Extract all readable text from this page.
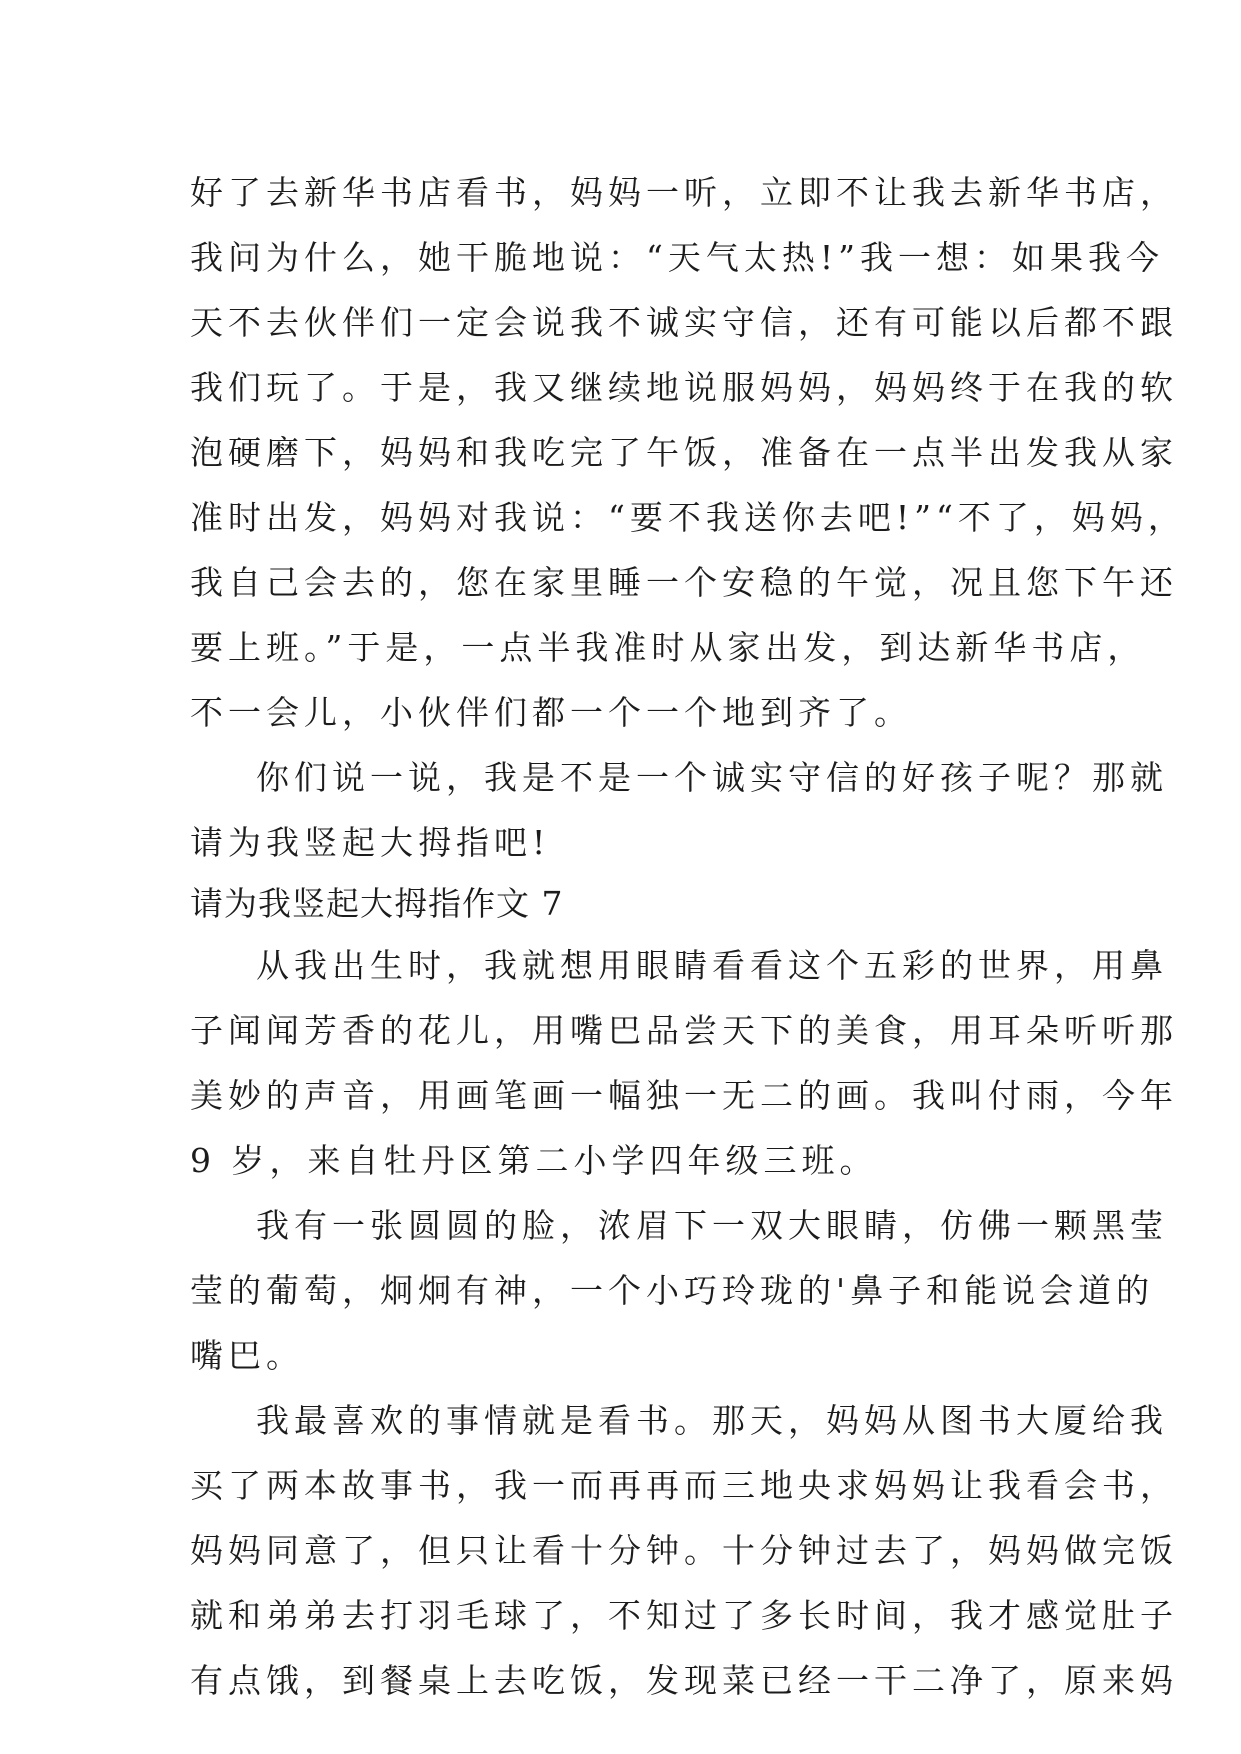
好了去新华书店看书，妈妈一听，立即不让我去新华书店，
我问为什么，她干脆地说：“天气太热!”我一想：如果我今
天不去伙伴们一定会说我不诚实守信，还有可能以后都不跟
我们玩了。于是，我又继续地说服妈妈，妈妈终于在我的软
泡硬磨下，妈妈和我吃完了午饭，准备在一点半出发我从家
准时出发，妈妈对我说：“要不我送你去吧!”“不了，妈妈，
我自己会去的，您在家里睡一个安稳的午觉，况且您下午还
要上班。”于是，一点半我准时从家出发，到达新华书店，
不一会儿，小伙伴们都一个一个地到齐了。
你们说一说，我是不是一个诚实守信的好孩子呢？那就
请为我竖起大拇指吧!
请为我竖起大拇指作文 7
从我出生时，我就想用眼睛看看这个五彩的世界，用鼻
子闻闻芳香的花儿，用嘴巴品尝天下的美食，用耳朵听听那
美妙的声音，用画笔画一幅独一无二的画。我叫付雨，今年
9 岁，来自牡丹区第二小学四年级三班。
我有一张圆圆的脸，浓眉下一双大眼睛，仿佛一颗黑莹
莹的葡萄，炯炯有神，一个小巧玲珑的'鼻子和能说会道的
嘴巴。
我最喜欢的事情就是看书。那天，妈妈从图书大厦给我
买了两本故事书，我一而再再而三地央求妈妈让我看会书，
妈妈同意了，但只让看十分钟。十分钟过去了，妈妈做完饭
就和弟弟去打羽毛球了，不知过了多长时间，我才感觉肚子
有点饿，到餐桌上去吃饭，发现菜已经一干二净了，原来妈
